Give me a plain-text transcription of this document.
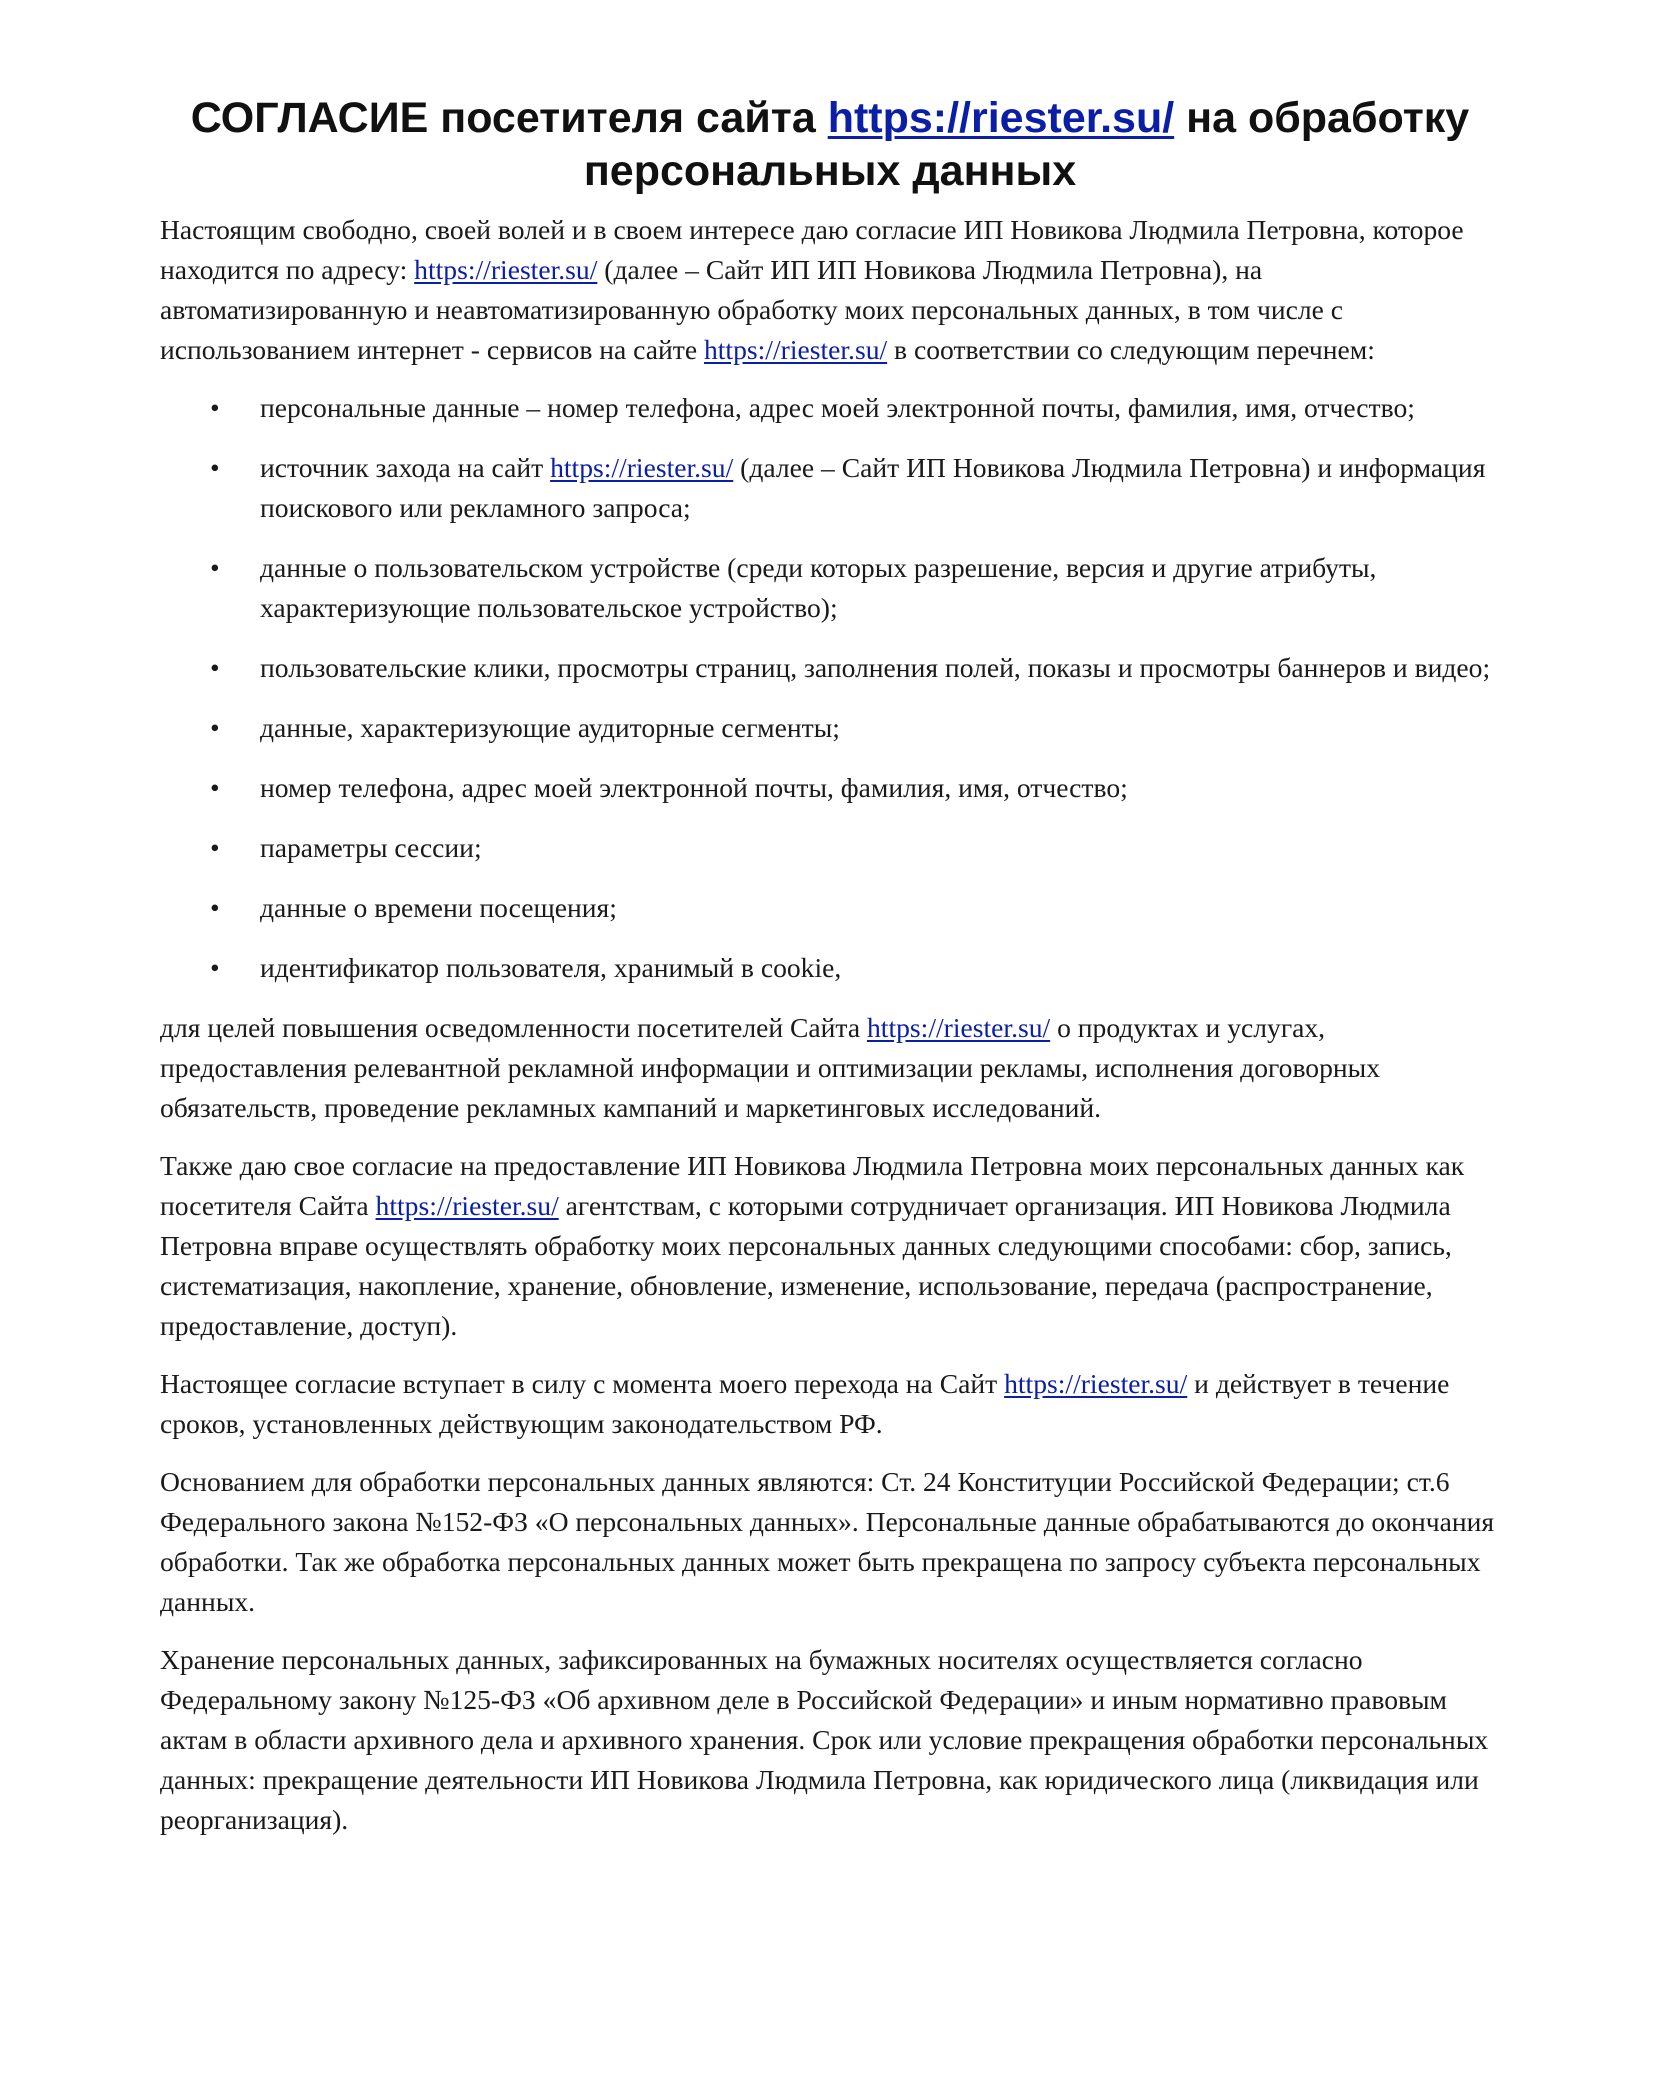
СОГЛАСИЕ посетителя сайта https://riester.su/ на обработку персональных данных

Настоящим свободно, своей волей и в своем интересе даю согласие ИП Новикова Людмила Петровна, которое находится по адресу: https://riester.su/ (далее – Сайт ИП ИП Новикова Людмила Петровна), на автоматизированную и неавтоматизированную обработку моих персональных данных, в том числе с использованием интернет - сервисов на сайте https://riester.su/ в соответствии со следующим перечнем:

• персональные данные – номер телефона, адрес моей электронной почты, фамилия, имя, отчество;
• источник захода на сайт https://riester.su/ (далее – Сайт ИП Новикова Людмила Петровна) и информация поискового или рекламного запроса;
• данные о пользовательском устройстве (среди которых разрешение, версия и другие атрибуты, характеризующие пользовательское устройство);
• пользовательские клики, просмотры страниц, заполнения полей, показы и просмотры баннеров и видео;
• данные, характеризующие аудиторные сегменты;
• номер телефона, адрес моей электронной почты, фамилия, имя, отчество;
• параметры сессии;
• данные о времени посещения;
• идентификатор пользователя, хранимый в cookie,

для целей повышения осведомленности посетителей Сайта https://riester.su/ о продуктах и услугах, предоставления релевантной рекламной информации и оптимизации рекламы, исполнения договорных обязательств, проведение рекламных кампаний и маркетинговых исследований.

Также даю свое согласие на предоставление ИП Новикова Людмила Петровна моих персональных данных как посетителя Сайта https://riester.su/ агентствам, с которыми сотрудничает организация. ИП Новикова Людмила Петровна вправе осуществлять обработку моих персональных данных следующими способами: сбор, запись, систематизация, накопление, хранение, обновление, изменение, использование, передача (распространение, предоставление, доступ).

Настоящее согласие вступает в силу с момента моего перехода на Сайт https://riester.su/ и действует в течение сроков, установленных действующим законодательством РФ.

Основанием для обработки персональных данных являются: Ст. 24 Конституции Российской Федерации; ст.6 Федерального закона №152-ФЗ «О персональных данных». Персональные данные обрабатываются до окончания обработки. Так же обработка персональных данных может быть прекращена по запросу субъекта персональных данных.

Хранение персональных данных, зафиксированных на бумажных носителях осуществляется согласно Федеральному закону №125-ФЗ «Об архивном деле в Российской Федерации» и иным нормативно правовым актам в области архивного дела и архивного хранения. Срок или условие прекращения обработки персональных данных: прекращение деятельности ИП Новикова Людмила Петровна, как юридического лица (ликвидация или реорганизация).
